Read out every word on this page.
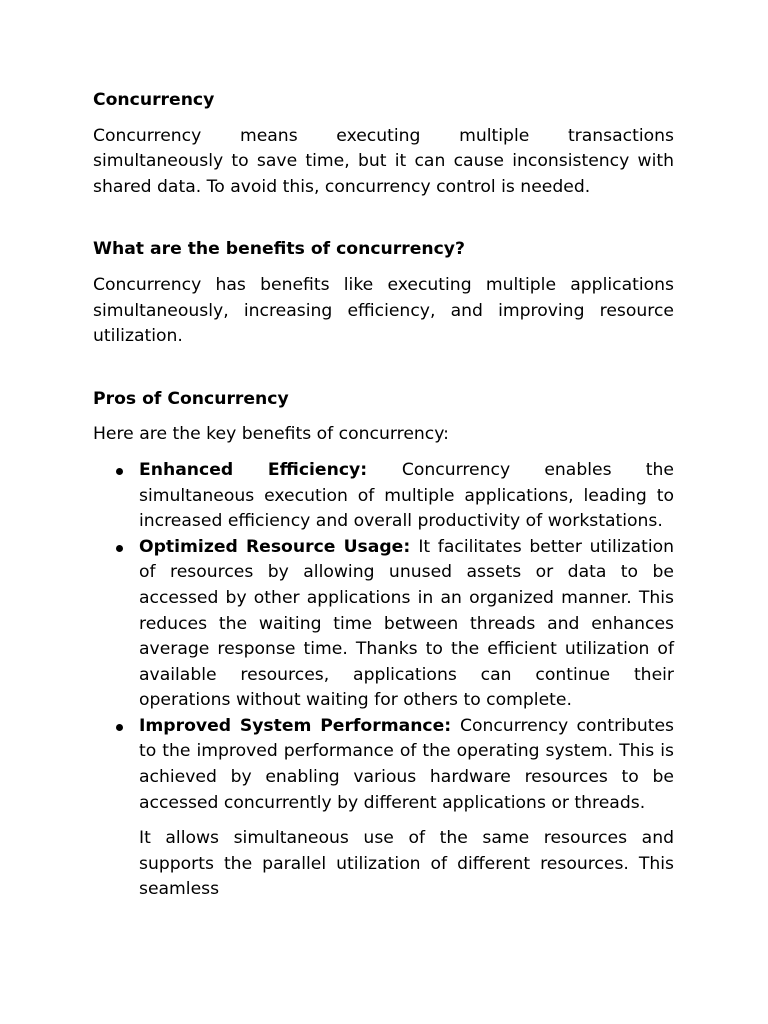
Concurrency

Concurrency means executing multiple transactions simultaneously to save time, but it can cause inconsistency with shared data. To avoid this, concurrency control is needed.

What are the benefits of concurrency?

Concurrency has benefits like executing multiple applications simultaneously, increasing efficiency, and improving resource utilization.

Pros of Concurrency

Here are the key benefits of concurrency:

Enhanced Efficiency: Concurrency enables the simultaneous execution of multiple applications, leading to increased efficiency and overall productivity of workstations.
Optimized Resource Usage: It facilitates better utilization of resources by allowing unused assets or data to be accessed by other applications in an organized manner. This reduces the waiting time between threads and enhances average response time. Thanks to the efficient utilization of available resources, applications can continue their operations without waiting for others to complete.
Improved System Performance: Concurrency contributes to the improved performance of the operating system. This is achieved by enabling various hardware resources to be accessed concurrently by different applications or threads.

It allows simultaneous use of the same resources and supports the parallel utilization of different resources. This seamless
